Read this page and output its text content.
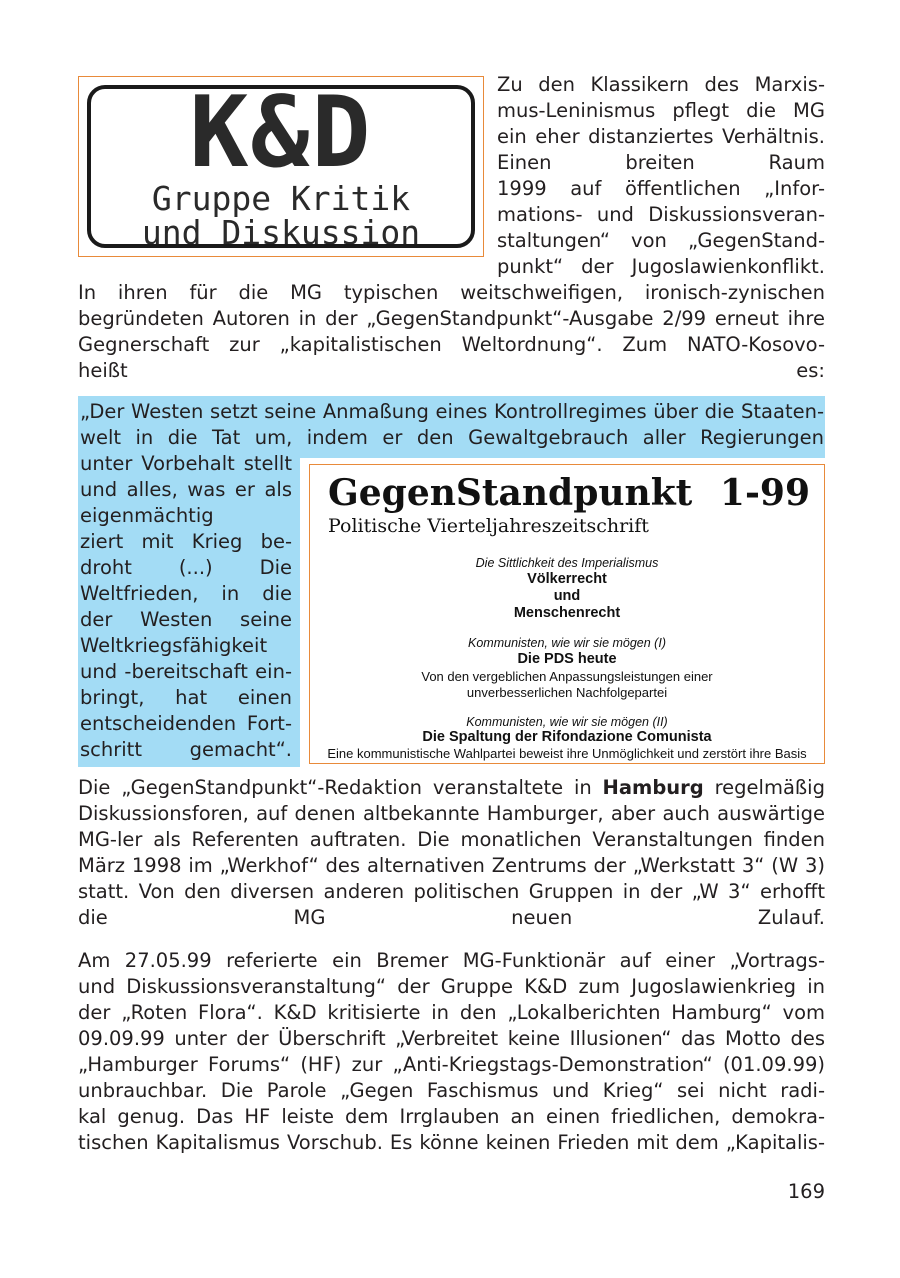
K&D
Gruppe Kritik
und Diskussion
Zu den Klassikern des Marxis-
mus-Leninismus pflegt die MG
ein eher distanziertes Verhältnis.
Einen breiten Raum
1999 auf öffentlichen „Infor-
mations- und Diskussionsveran-
staltungen“ von „GegenStand-
punkt“ der Jugoslawienkonflikt.
In ihren für die MG typischen weitschweifigen, ironisch-zynischen
begründeten Autoren in der „GegenStandpunkt“-Ausgabe 2/99 erneut ihre
Gegnerschaft zur „kapitalistischen Weltordnung“. Zum NATO-Kosovo-
heißt es:
„Der Westen setzt seine Anmaßung eines Kontrollregimes über die Staaten-
welt in die Tat um, indem er den Gewaltgebrauch aller Regierungen
unter Vorbehalt stellt
und alles, was er als
eigenmächtig
ziert mit Krieg be-
droht (...) Die
Weltfrieden, in die
der Westen seine
Weltkriegsfähigkeit
und -bereitschaft ein-
bringt, hat einen
entscheidenden Fort-
schritt gemacht“.
GegenStandpunkt 1-99
Politische Vierteljahreszeitschrift
Die Sittlichkeit des Imperialismus
Völkerrecht
und
Menschenrecht
Kommunisten, wie wir sie mögen (I)
Die PDS heute
Von den vergeblichen Anpassungsleistungen einer
unverbesserlichen Nachfolgepartei
Kommunisten, wie wir sie mögen (II)
Die Spaltung der Rifondazione Comunista
Eine kommunistische Wahlpartei beweist ihre Unmöglichkeit und zerstört ihre Basis
Die „GegenStandpunkt“-Redaktion veranstaltete in Hamburg regelmäßig
Diskussionsforen, auf denen altbekannte Hamburger, aber auch auswärtige
MG-ler als Referenten auftraten. Die monatlichen Veranstaltungen finden
März 1998 im „Werkhof“ des alternativen Zentrums der „Werkstatt 3“ (W 3)
statt. Von den diversen anderen politischen Gruppen in der „W 3“ erhofft
die MG neuen Zulauf.
Am 27.05.99 referierte ein Bremer MG-Funktionär auf einer „Vortrags-
und Diskussionsveranstaltung“ der Gruppe K&D zum Jugoslawienkrieg in
der „Roten Flora“. K&D kritisierte in den „Lokalberichten Hamburg“ vom
09.09.99 unter der Überschrift „Verbreitet keine Illusionen“ das Motto des
„Hamburger Forums“ (HF) zur „Anti-Kriegstags-Demonstration“ (01.09.99)
unbrauchbar. Die Parole „Gegen Faschismus und Krieg“ sei nicht radi-
kal genug. Das HF leiste dem Irrglauben an einen friedlichen, demokra-
tischen Kapitalismus Vorschub. Es könne keinen Frieden mit dem „Kapitalis-
169
